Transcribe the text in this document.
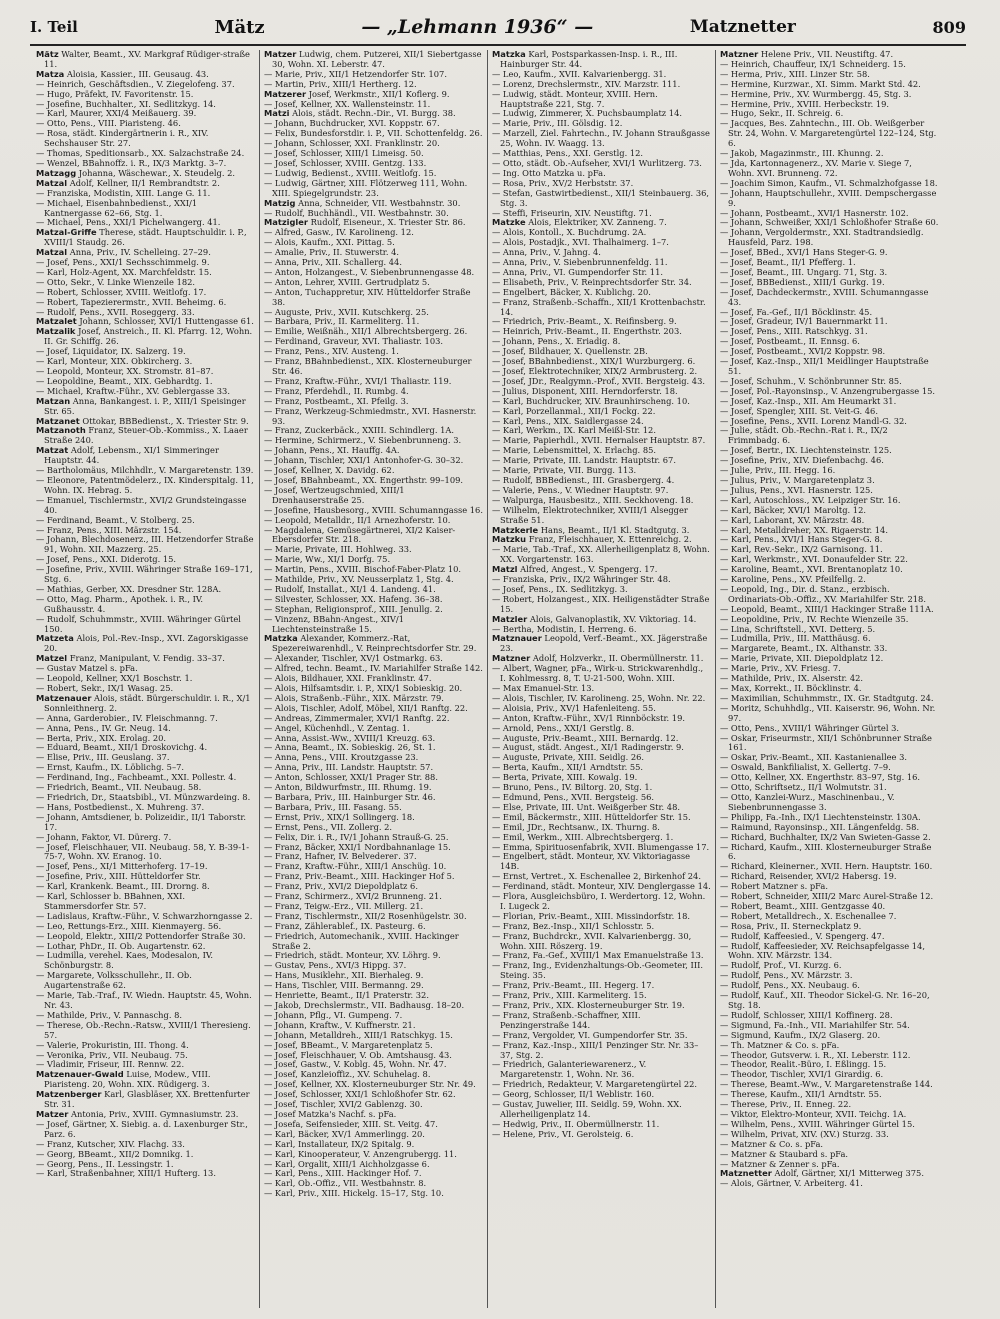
I. Teil	Mätz	— „Lehmann 1936“ —	Matznetter	809

Mätz Walter, Beamt., XV. Markgraf Rüdiger-straße 11.

Matza Aloisia, Kassier., III. Geusaug. 43.

— Heinrich, Geschäftsdien., V. Ziegelofeng. 37.

— Hugo, Präfekt, IV. Favoritenstr. 15.

— Josefine, Buchhalter., XI. Sedlitzkyg. 14.

— Karl, Maurer, XXI/4 Meißauerg. 39.

— Otto, Pens., VIII. Piaristeng. 46.

— Rosa, städt. Kindergärtnerin i. R., XIV. Sechshauser Str. 27.

— Thomas, Speditionsarb., XX. Salzachstraße 24.

— Wenzel, BBahnoffz. i. R., IX/3 Marktg. 3–7.

Matzagg Johanna, Wäschewar., X. Steudelg. 2.

Matzal Adolf, Kellner, II/1 Rembrandtstr. 2.

— Franziska, Modistin, XIII. Lange G. 11.

— Michael, Eisenbahnbedienst., XXI/1 Kantnergasse 62–66, Stg. 1.

— Michael, Pens., XXI/1 Pichelwangerg. 41.

Matzal-Griffe Therese, städt. Hauptschuldir. i. P., XVIII/1 Staudg. 26.

Matzal Anna, Priv., IV. Schelleing. 27–29.

— Josef, Pens., XXI/1 Sechsschimmelg. 9.

— Karl, Holz-Agent, XX. Marchfeldstr. 15.

— Otto, Sekr., V. Linke Wienzeile 182.

— Robert, Schlosser, XVIII. Weitlofg. 17.

— Robert, Tapezierermstr., XVII. Beheimg. 6.

— Rudolf, Pens., XVII. Roseggerg. 33.

Matzalet Johann, Schlosser, XVI/1 Huttengasse 61.

Matzalik Josef, Anstreich., II. Kl. Pfarrg. 12, Wohn. II. Gr. Schiffg. 26.

— Josef, Liquidator, IX. Salzerg. 19.

— Karl, Monteur, XIX. Obkircherg. 3.

— Leopold, Monteur, XX. Stromstr. 81–87.

— Leopoldine, Beamt., XIX. Gebhardtg. 1.

— Michael, Kraftw.-Führ., XV. Geblergasse 33.

Matzan Anna, Bankangest. i. P., XIII/1 Speisinger Str. 65.

Matzanet Ottokar, BBBedienst., X. Triester Str. 9.

Matzanoth Franz, Steuer-Ob.-Kommiss., X. Laaer Straße 240.

Matzat Adolf, Lebensm., XI/1 Simmeringer Hauptstr. 44.

— Bartholomäus, Milchhdlr., V. Margaretenstr. 139.

— Eleonore, Patentmödelerz., IX. Kinderspitalg. 11, Wohn. IX. Hebrag. 5.

— Emanuel, Tischlermstr., XVI/2 Grundsteingasse 40.

— Ferdinand, Beamt., V. Stolberg. 25.

— Franz, Pens., XIII. Märzstr. 154.

— Johann, Blechdosenerz., III. Hetzendorfer Straße 91, Wohn. XII. Mazzerg. 25.

— Josef, Pens., XXI. Diderotg. 15.

— Josefine, Priv., XVIII. Währinger Straße 169–171, Stg. 6.

— Mathias, Gerber, XX. Dresdner Str. 128A.

— Otto, Mag. Pharm., Apothek. i. R., IV. Gußhausstr. 4.

— Rudolf, Schuhmmstr., XVIII. Währinger Gürtel 150.

Matzeta Alois, Pol.-Rev.-Insp., XVI. Zagorskigasse 20.

Matzel Franz, Manipulant, V. Fendig. 33–37.

— Gustav Matzel s. pFa.

— Leopold, Kellner, XX/1 Boschstr. 1.

— Robert, Sekr., IX/1 Wasag. 25.

Matzenauer Alois, städt. Bürgerschuldir. i. R., X/1 Sonnleithnerg. 2.

— Anna, Garderobier., IV. Fleischmanng. 7.

— Anna, Pens., IV. Gr. Neug. 14.

— Berta, Priv., XIX. Erolag. 20.

— Eduard, Beamt., XII/1 Droskovichg. 4.

— Elise, Priv., III. Geuslang. 37.

— Ernst, Kaufm., IX. Löblichg. 5–7.

— Ferdinand, Ing., Fachbeamt., XXI. Pollestr. 4.

— Friedrich, Beamt., VII. Neubaug. 58.

— Friedrich, Dr., Staatsbibl., VI. Münzwardeing. 8.

— Hans, Postbedienst., X. Muhreng. 37.

— Johann, Amtsdiener, b. Polizeidir., II/1 Taborstr. 17.

— Johann, Faktor, VI. Dürerg. 7.

— Josef, Fleischhauer, VII. Neubaug. 58, Y. B-39-1-75-7, Wohn. XV. Eranog. 10.

— Josef, Pens., XI/1 Mitterhoferg. 17–19.

— Josefine, Priv., XIII. Hütteldorfer Str.

— Karl, Krankenk. Beamt., III. Drorng. 8.

— Karl, Schlosser b. BBahnen, XXI. Stammersdorfer Str. 57.

— Ladislaus, Kraftw.-Führ., V. Schwarzhorngasse 2.

— Leo, Rettungs-Erz., XIII. Kienmayerg. 56.

— Leopold, Elektr., XIII/2 Pottendorfer Straße 30.

— Lothar, PhDr., II. Ob. Augartenstr. 62.

— Ludmilla, verehel. Kaes, Modesalon, IV. Schönburgstr. 8.

— Margarete, Volksschullehr., II. Ob. Augartenstraße 62.

— Marie, Tab.-Traf., IV. Wiedn. Hauptstr. 45, Wohn. Nr. 43.

— Mathilde, Priv., V. Pannaschg. 8.

— Therese, Ob.-Rechn.-Ratsw., XVIII/1 Theresieng. 57.

— Valerie, Prokuristin, III. Thong. 4.

— Veronika, Priv., VII. Neubaug. 75.

— Vladimir, Friseur, III. Rennw. 22.

Matzenauer-Gwald Luise, Modew., VIII. Piaristeng. 20, Wohn. XIX. Rüdigerg. 3.

Matzenberger Karl, Glasbläser, XX. Brettenfurter Str. 31.

Matzer Antonia, Priv., XVIII. Gymnasiumstr. 23.

— Josef, Gärtner, X. Siebig. a. d. Laxenburger Str., Parz. 6.

— Franz, Kutscher, XIV. Flachg. 33.

— Georg, BBeamt., XII/2 Domnikg. 1.

— Georg, Pens., II. Lessingstr. 1.

— Karl, Straßenbahner, XIII/1 Hufterg. 13.

Matzer Ludwig, chem. Putzerei, XII/1 Siebertgasse 30, Wohn. XI. Leberstr. 47.

— Marie, Priv., XII/1 Hetzendorfer Str. 107.

— Martin, Priv., XIII/1 Hertherg. 12.

Matzerer Josef, Werkmstr., XII/1 Koflerg. 9.

— Josef, Kellner, XX. Wallensteinstr. 11.

Matzi Alois, städt. Rechn.-Dir., VI. Burgg. 38.

— Johann, Buchdrucker, XVI. Koppstr. 67.

— Felix, Bundesforstdir. i. P., VII. Schottenfeldg. 26.

— Johann, Schlosser, XXI. Franklinstr. 20.

— Josef, Schlosser, XIII/1 Limeisg. 50.

— Josef, Schlosser, XVIII. Gentzg. 133.

— Ludwig, Bedienst., XVIII. Weitlofg. 15.

— Ludwig, Gärtner, XIII. Flötzerweg 111, Wohn. XIII. Spiegelgrundstr. 23.

Matzig Anna, Schneider, VII. Westbahnstr. 30.

— Rudolf, Buchhändl., VII. Westbahnstr. 30.

Matzigler Rudolf, Eiseneur., X. Triester Str. 86.

— Alfred, Gasw., IV. Karolineng. 12.

— Alois, Kaufm., XXI. Pittag. 5.

— Amalie, Priv., II. Stuwerstr. 4.

— Anna, Priv., XII. Schallerg. 44.

— Anton, Holzangest., V. Siebenbrunnengasse 48.

— Anton, Lehrer, XVIII. Gertrudplatz 5.

— Anton, Tuchappretur, XIV. Hütteldorfer Straße 38.

— Auguste, Priv., XVII. Kutschkerg. 25.

— Barbara, Priv., II. Karmeliterg. 11.

— Emilie, Weißnäh., XII/1 Albrechtsbergerg. 26.

— Ferdinand, Graveur, XVI. Thaliastr. 103.

— Franz, Pens., XIV. Austeng. 1.

— Franz, BBahnbedienst., XIX. Klosterneuburger Str. 46.

— Franz, Kraftw.-Führ., XVI/1 Thaliastr. 119.

— Franz, Pferdehdl., II. Rumbg. 4.

— Franz, Postbeamt., XI. Pfeilg. 3.

— Franz, Werkzeug-Schmiedmstr., XVI. Hasnerstr. 93.

— Franz, Zuckerbäck., XXIII. Schindlerg. 1A.

— Hermine, Schirmerz., V. Siebenbrunneng. 3.

— Johann, Pens., XI. Hauffg. 4A.

— Johann, Tischler, XXI/1 Antonhofer-G. 30–32.

— Josef, Kellner, X. Davidg. 62.

— Josef, BBahnbeamt., XX. Engerthstr. 99–109.

— Josef, Wertzeugschmied, XIII/1 Drenhauserstraße 25.

— Josefine, Hausbesorg., XVIII. Schumanngasse 16.

— Leopold, Metalldr., II/1 Arnezhoferstr. 10.

— Magdalena, Gemüsegärtnerei, XI/2 Kaiser-Ebersdorfer Str. 218.

— Marie, Private, III. Hohlweg. 33.

— Marie, Ww., XI/1 Dorfg. 75.

— Martin, Pens., XVIII. Bischof-Faber-Platz 10.

— Mathilde, Priv., XV. Neusserplatz 1, Stg. 4.

— Rudolf, Installat., XI/1 4. Landeng. 41.

— Silvester, Schlosser, XX. Hafeng. 36–38.

— Stephan, Religionsprof., XIII. Jenullg. 2.

— Vinzenz, BBahn-Angest., XIV/1 Liechtensteinstraße 15.

Matzka Alexander, Kommerz.-Rat, Spezereiwarenhdl., V. Reinprechtsdorfer Str. 29.

— Alexander, Tischler, XV/1 Ostmarkg. 63.

— Alfred, techn. Beamt., IV. Mariahilfer Straße 142.

— Alois, Bildhauer, XXI. Franklinstr. 47.

— Alois, Hilfsamtsdir. i. P., XIX/1 Sobieskig. 20.

— Alois, Straßenb.-Führ., XIX. Märzstr. 79.

— Alois, Tischler, Adolf, Möbel, XII/1 Ranftg. 22.

— Andreas, Zimmermaler, XVI/1 Ranftg. 22.

— Angel, Küchenhdl., V. Zentag. 1.

— Anna, Assist.-Ww., XVIII/1 Kreuzg. 63.

— Anna, Beamt., IX. Sobieskig. 26, St. 1.

— Anna, Pens., VIII. Kroutzgasse 23.

— Anna, Priv., III. Landstr. Hauptstr. 57.

— Anton, Schlosser, XXI/1 Prager Str. 88.

— Anton, Bildwurfmstr., III. Rhumg. 19.

— Barbara, Priv., III. Hainburger Str. 46.

— Barbara, Priv., III. Fasang. 55.

— Ernst, Priv., XIX/1 Sollingerg. 18.

— Ernst, Pens., VII. Zollerg. 2.

— Felix, Dir. i. R., IV/1 Johann Strauß-G. 25.

— Franz, Bäcker, XXI/1 Nordbahnanlage 15.

— Franz, Hafner, IV. Belvederег. 37.

— Franz, Kraftw.-Führ., XIII/1 Anschüg. 10.

— Franz, Priv.-Beamt., XIII. Hackinger Hof 5.

— Franz, Priv., XVI/2 Diepoldplatz 6.

— Franz, Schirmerz., XVI/2 Brunneng. 21.

— Franz, Teigw.-Erz., VII. Millerg. 21.

— Franz, Tischlermstr., XII/2 Rosenhügelstr. 30.

— Franz, Zählerablef., IX. Pasteurg. 6.

— Friedrich, Automechanik., XVIII. Hackinger Straße 2.

— Friedrich, städt. Monteur, XV. Löhrg. 9.

— Gustav, Pens., XVI/3 Hippg. 37.

— Hans, Musiklehr., XII. Bierhaleg. 9.

— Hans, Tischler, VIII. Bermanng. 29.

— Henriette, Beamt., II/1 Praterstr. 32.

— Jakob, Drechslermstr., VII. Badhausg. 18–20.

— Johann, Pflg., VI. Gumpeng. 7.

— Johann, Kraftw., V. Kuffnerstr. 21.

— Johann, Metalldreh., XIII/1 Ratschkyg. 15.

— Josef, BBeamt., V. Margaretenplatz 5.

— Josef, Fleischhauer, V. Ob. Amtshausg. 43.

— Josef, Gastw., V. Koblg. 45, Wohn. Nr. 47.

— Josef, Kanzleioffiz., XV. Schuhelag. 8.

— Josef, Kellner, XX. Klosterneuburger Str. Nr. 49.

— Josef, Schlosser, XXI/1 Schloßhofer Str. 62.

— Josef, Tischler, XVI/2 Gablenzg. 30.

— Josef Matzka's Nachf. s. pFa.

— Josefa, Seifensieder, XIII. St. Veitg. 47.

— Karl, Bäcker, XV/1 Ammerlingg. 20.

— Karl, Installateur, IX/2 Spitalg. 9.

— Karl, Kinooperateur, V. Anzengrubergg. 11.

— Karl, Orgalit, XIII/1 Aichholzgasse 6.

— Karl, Pens., XIII. Hackinger Hof. 7.

— Karl, Ob.-Offiz., VII. Westbahnstr. 8.

— Karl, Priv., XIII. Hickelg. 15–17, Stg. 10.

Matzka Karl, Postsparkassen-Insp. i. R., III. Hainburger Str. 44.

— Leo, Kaufm., XVII. Kalvarienbergg. 31.

— Lorenz, Drechslermstr., XIV. Marzstr. 111.

— Ludwig, städt. Monteur, XVIII. Hern. Hauptstraße 221, Stg. 7.

— Ludwig, Zimmerer, X. Puchsbaumplatz 14.

— Marie, Priv., III. Gölsdig. 12.

— Marzell, Ziel. Fahrtechn., IV. Johann Straußgasse 25, Wohn. IV. Waagg. 13.

— Matthias, Pens., XXI. Gerstlg. 12.

— Otto, städt. Ob.-Aufseher, XVI/1 Wurlitzerg. 73.

— Ing. Otto Matzka u. pFa.

— Rosa, Priv., XV/2 Herbststr. 37.

— Stefan, Gastwirtbedienst., XII/1 Steinbauerg. 36, Stg. 3.

— Steffi, Friseurin, XIV. Neustiftg. 71.

Matzke Alois, Elektriker, XV. Zanneng. 7.

— Alois, Kontoll., X. Buchdrumg. 2A.

— Alois, Postadjk., XVI. Thalhaimerg. 1–7.

— Anna, Priv., V. Jahng. 4.

— Anna, Priv., V. Siebenbrunnenfeldg. 11.

— Anna, Priv., VI. Gumpendorfer Str. 11.

— Elisabeth, Priv., V. Reinprechtsdorfer Str. 34.

— Engelbert, Bäcker, X. Kublichg. 20.

— Franz, Straßenb.-Schaffn., XII/1 Krottenbachstr. 14.

— Friedrich, Priv.-Beamt., X. Reifinsberg. 9.

— Heinrich, Priv.-Beamt., II. Engerthstr. 203.

— Johann, Pens., X. Eriadig. 8.

— Josef, Bildhauer, X. Quellenstr. 2B.

— Josef, BBahnbedienst., XIX/1 Wurzburgerg. 6.

— Josef, Elektrotechniker, XIX/2 Armbrusterg. 2.

— Josef, JDr., Realgymn.-Prof., XVII. Bergsteig. 43.

— Julius, Disponent, XIII. Herndorferstr. 18.

— Karl, Buchdrucker, XIV. Braunhirschеng. 10.

— Karl, Porzellanmal., XII/1 Fockg. 22.

— Karl, Pens., XIX. Saidlergasse 24.

— Karl, Werkm., IX. Karl Meißl-Str. 12.

— Marie, Papierhdl., XVII. Hernalser Hauptstr. 87.

— Marie, Lebensmittel, X. Erlachg. 85.

— Marie, Private, III. Landstr. Hauptstr. 67.

— Marie, Private, VII. Burgg. 113.

— Rudolf, BBBedienst., III. Grasbergerg. 4.

— Valerie, Pens., V. Wiedner Hauptstr. 97.

— Walpurga, Hausbesitz., XIII. Seckhoveng. 18.

— Wilhelm, Elektrotechniker, XVIII/1 Alsegger Straße 51.

Matzkerle Hans, Beamt., II/1 Kl. Stadtgutg. 3.

Matzku Franz, Fleischhauer, X. Ettenreichg. 2.

— Marie, Tab.-Traf., XX. Allerheiligenplatz 8, Wohn. XX. Vorgartenstr. 163.

Matzl Alfred, Angest., V. Spengerg. 17.

— Franziska, Priv., IX/2 Währinger Str. 48.

— Josef, Pens., IX. Sedlitzkyg. 3.

— Robert, Holzangest., XIX. Heiligenstädter Straße 15.

Matzler Alois, Galvanoplastik, XV. Viktoriag. 14.

— Bertha, Modistin, I. Herreng. 6.

Matznauer Leopold, Verf.-Beamt., XX. Jägerstraße 23.

Matzner Adolf, Holzverkr., II. Obermüllnerstr. 11.

— Albert, Wagner, pFa., Wirk-u. Strickwarenhdlg., I. Kohlmessrg. 8, T. U-21-500, Wohn. XIII.

— Max Emanuel-Str. 13.

— Alois, Tischler, IV. Karolineng. 25, Wohn. Nr. 22.

— Aloisia, Priv., XV/1 Hafenleiteng. 55.

— Anton, Kraftw.-Führ., XV/1 Rinnböckstr. 19.

— Arnold, Pens., XXI/1 Gerstlg. 8.

— Auguste, Priv.-Beamt., XIII. Bernardg. 12.

— August, städt. Angest., XI/1 Radingerstr. 9.

— Auguste, Private, XIII. Seidlg. 26.

— Berta, Kaufm., XII/1 Arndtstr. 55.

— Berta, Private, XIII. Kowalg. 19.

— Bruno, Pens., IV. Biltorg. 20, Stg. 1.

— Edmund, Pens., XVII. Bergsteig. 56.

— Else, Private, III. Unt. Weißgerber Str. 48.

— Emil, Bäckermstr., XIII. Hütteldorfer Str. 15.

— Emil, JDr., Rechtsanw., IX. Thurng. 8.

— Emil, Werkm., XIII. Albrechtsbergerg. 1.

— Emma, Spirituosenfabrik, XVII. Blumengasse 17.

— Engelbert, städt. Monteur, XV. Viktoriagasse 14B.

— Ernst, Vertret., X. Eschenallee 2, Birkenhof 24.

— Ferdinand, städt. Monteur, XIV. Denglergasse 14.

— Flora, Ausgleichsbüro, I. Werdertorg. 12, Wohn. I. Lugeck 2.

— Florian, Priv.-Beamt., XIII. Missindorfstr. 18.

— Franz, Bez.-Insp., XII/1 Schlosstr. 5.

— Franz, Buchdrckr., XVII. Kalvarienbergg. 30, Wohn. XIII. Röszerg. 19.

— Franz, Fa.-Gef., XVIII/1 Max Emanuelstraße 13.

— Franz, Ing., Evidenzhaltungs-Ob.-Geometer, III. Steing. 35.

— Franz, Priv.-Beamt., III. Hegerg. 17.

— Franz, Priv., XIII. Karmeliterg. 15.

— Franz, Priv., XIX. Klosterneuburger Str. 19.

— Franz, Straßenb.-Schaffner, XIII. Penzingerstraße 144.

— Franz, Vergolder, VI. Gumpendorfer Str. 35.

— Franz, Kaz.-Insp., XIII/1 Penzinger Str. Nr. 33–37, Stg. 2.

— Friedrich, Galanteriewarenerz., V. Margaretenstr. 1, Wohn. Nr. 36.

— Friedrich, Redakteur, V. Margaretengürtel 22.

— Georg, Schlosser, II/1 Weblistr. 160.

— Gustav, Juwelier, III. Seidlg. 59, Wohn. XX. Allerheiligenplatz 14.

— Hedwig, Priv., II. Obermüllnerstr. 11.

— Helene, Priv., VI. Gerolsteig. 6.

Matzner Helene Priv., VII. Neustiftg. 47.

— Heinrich, Chauffeur, IX/1 Schneiderg. 15.

— Herma, Priv., XIII. Linzer Str. 58.

— Hermine, Kurzwar., XI. Simm. Markt Std. 42.

— Hermine, Priv., XV. Wurmbergg. 45, Stg. 3.

— Hermine, Priv., XVIII. Herbeckstr. 19.

— Hugo, Sekr., II. Schreig. 6.

— Jacques, Bes. Zahntechn., III. Ob. Weißgerber Str. 24, Wohn. V. Margaretengürtel 122–124, Stg. 6.

— Jakob, Magazinmstr., III. Khunng. 2.

— Jda, Kartonnagenerz., XV. Marie v. Siege 7, Wohn. XVI. Brunneng. 72.

— Joachim Simon, Kaufm., VI. Schmalzhofgasse 18.

— Johann, Hauptschullehr., XVIII. Dempschergasse 9.

— Johann, Postbeamt., XVI/1 Hasnerstr. 102.

— Johann, Schweißer, XXI/1 Schloßhofer Straße 60.

— Johann, Vergoldermstr., XXI. Stadtrandsiedlg. Hausfeld, Parz. 198.

— Josef, BBed., XVI/1 Hans Steger-G. 9.

— Josef, Beamt., II/1 Pfefferg. 1.

— Josef, Beamt., III. Ungarg. 71, Stg. 3.

— Josef, BBBedienst., XIII/1 Gurkg. 19.

— Josef, Dachdeckermstr., XVIII. Schumanngasse 43.

— Josef, Fa.-Gef., II/1 Böcklinstr. 45.

— Josef, Gradeur, IV/1 Bauernmarkt 11.

— Josef, Pens., XIII. Ratschkyg. 31.

— Josef, Postbeamt., II. Ennsg. 6.

— Josef, Postbeamt., XVI/2 Koppstr. 98.

— Josef, Kaz.-Insp., XII/1 Meidlinger Hauptstraße 51.

— Josef, Schuhm., V. Schönbrunner Str. 85.

— Josef, Pol.-Rayonsinsp., V. Anzengrubergasse 15.

— Josef, Kaz.-Insp., XII. Am Heumarkt 31.

— Josef, Spengler, XIII. St. Veit-G. 46.

— Josefine, Pens., XVII. Lorenz Mandl-G. 32.

— Julie, städt. Ob.-Rechn.-Rat i. R., IX/2 Frimmbadg. 6.

— Josef, Bertr., IX. Liechtensteinstr. 125.

— Josefine, Priv., XIV. Diefenbachg. 46.

— Julie, Priv., III. Hegg. 16.

— Julius, Priv., V. Margaretenplatz 3.

— Julius, Pens., XVI. Hasnerstr. 125.

— Karl, Autoschloss., XV. Leipziger Str. 16.

— Karl, Bäcker, XVI/1 Maroltg. 12.

— Karl, Laborant, XV. Märzstr. 48.

— Karl, Metalldreher, XX. Rigaerstr. 14.

— Karl, Pens., XVI/1 Hans Steger-G. 8.

— Karl, Rev.-Sekr., IX/2 Garnisong. 11.

— Karl, Werkmstr., XVI. Donaufelder Str. 22.

— Karoline, Beamt., XVI. Brentanoplatz 10.

— Karoline, Pens., XV. Pfeilfellg. 2.

— Leopold, Ing., Dir. d. Stanz., erzbisch. Ordinariats-Ob.-Offiz., XV. Mariahilfer Str. 218.

— Leopold, Beamt., XIII/1 Hackinger Straße 111A.

— Leopoldine, Priv., IV. Rechte Wienzeile 35.

— Lina, Schriftstell., XVI. Detterg. 5.

— Ludmilla, Priv., III. Matthäusg. 6.

— Margarete, Beamt., IX. Althanstr. 33.

— Marie, Private, XII. Diepoldplatz 12.

— Marie, Priv., XV. Friesg. 7.

— Mathilde, Priv., IX. Alserstr. 42.

— Max, Korrekt., II. Böcklinstr. 4.

— Maximilian, Schuhmmstr., IX. Gr. Stadtgutg. 24.

— Moritz, Schuhhdlg., VII. Kaiserstr. 96, Wohn. Nr. 97.

— Otto, Pens., XVIII/1 Währinger Gürtel 3.

— Oskar, Friseurmstr., XII/1 Schönbrunner Straße 161.

— Oskar, Priv.-Beamt., XII. Kastanienallee 3.

— Oswald, Bankfilialist, X. Gellertg. 7–9.

— Otto, Kellner, XX. Engerthstr. 83–97, Stg. 16.

— Otto, Schriftsetz., II/1 Wolmutstr. 31.

— Otto, Kanzlei-Wurz., Maschinenbau., V. Siebenbrunnengasse 3.

— Philipp, Fa.-Inh., IX/1 Liechtensteinstr. 130A.

— Raimund, Rayonsinsp., XII. Längenfeldg. 58.

— Richard, Buchhalter, IX/2 Van Swieten-Gasse 2.

— Richard, Kaufm., XIII. Klosterneuburger Straße 6.

— Richard, Kleinerner., XVII. Hern. Hauptstr. 160.

— Richard, Reisender, XVI/2 Habersg. 19.

— Robert Matzner s. pFa.

— Robert, Schneider, XIII/2 Marc Aurel-Straße 12.

— Robert, Beamt., XIII. Gentzgasse 40.

— Robert, Metalldrech., X. Eschenallee 7.

— Rosa, Priv., II. Sternеckplatz 9.

— Rudolf, Kaffeesied., V. Spengerg. 47.

— Rudolf, Kaffeesieder, XV. Reichsapfelgasse 14, Wohn. XIV. Märzstr. 134.

— Rudolf, Prof., VI. Kurzg. 6.

— Rudolf, Pens., XV. Märzstr. 3.

— Rudolf, Pens., XX. Neubaug. 6.

— Rudolf, Kauf., XII. Theodor Sickel-G. Nr. 16–20, Stg. 18.

— Rudolf, Schlosser, XIII/1 Koffinerg. 28.

— Sigmund, Fa.-Inh., VII. Mariahilfer Str. 54.

— Sigmund, Kaufm., IX/2 Glaserg. 20.

— Th. Matzner & Co. s. pFa.

— Theodor, Gutsverw. i. R., XI. Leberstr. 112.

— Theodor, Realit.-Büro, I. Eßlingg. 15.

— Theodor, Tischler, XVI/1 Girardig. 6.

— Therese, Beamt.-Ww., V. Margaretenstraße 144.

— Therese, Kaufm., XII/1 Arndtstr. 55.

— Therese, Priv., II. Enneg. 22.

— Viktor, Elektro-Monteur, XVII. Teichg. 1A.

— Wilhelm, Pens., XVIII. Währinger Gürtel 15.

— Wilhelm, Privat, XIV. (XV.) Sturzg. 33.

— Matzner & Co. s. pFa.

— Matzner & Staubard s. pFa.

— Matzner & Zenner s. pFa.

Matznetter Adolf, Gärtner, XI/1 Mitterweg 375.

— Alois, Gärtner, V. Arbeiterg. 41.
